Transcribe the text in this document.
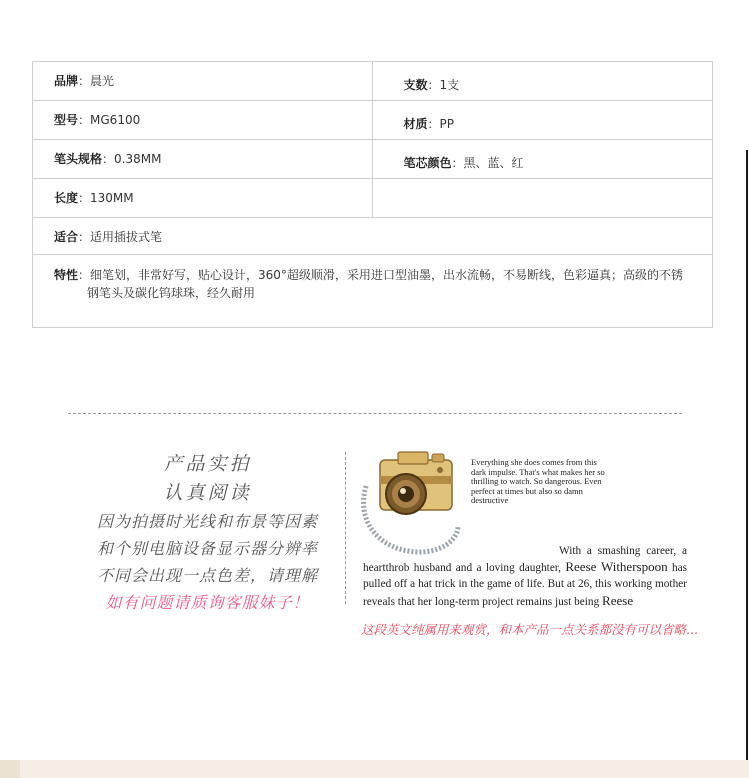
品牌：晨光	支数：1支
型号：MG6100	材质：PP
笔头规格：0.38MM	笔芯颜色：黑、蓝、红
长度：130MM
适合：适用插拔式笔
特性：细笔划，非常好写，贴心设计，360°超级顺滑，采用进口型油墨，出水流畅，不易断线，色彩逼真；高级的不锈钢笔头及碳化钨球珠，经久耐用
产品实拍
认真阅读
因为拍摄时光线和布景等因素
和个别电脑设备显示器分辨率
不同会出现一点色差，请理解
如有问题请质询客服妹子！
Everything she does comes from this dark impulse. That's what makes her so thrilling to watch. So dangerous. Even perfect at times but also so damn destructive
With a smashing career, a heartthrob husband and a loving daughter, Reese Witherspoon has pulled off a hat trick in the game of life. But at 26, this working mother reveals that her long-term project remains just being Reese
这段英文纯属用来观赏，和本产品一点关系都没有可以省略...
